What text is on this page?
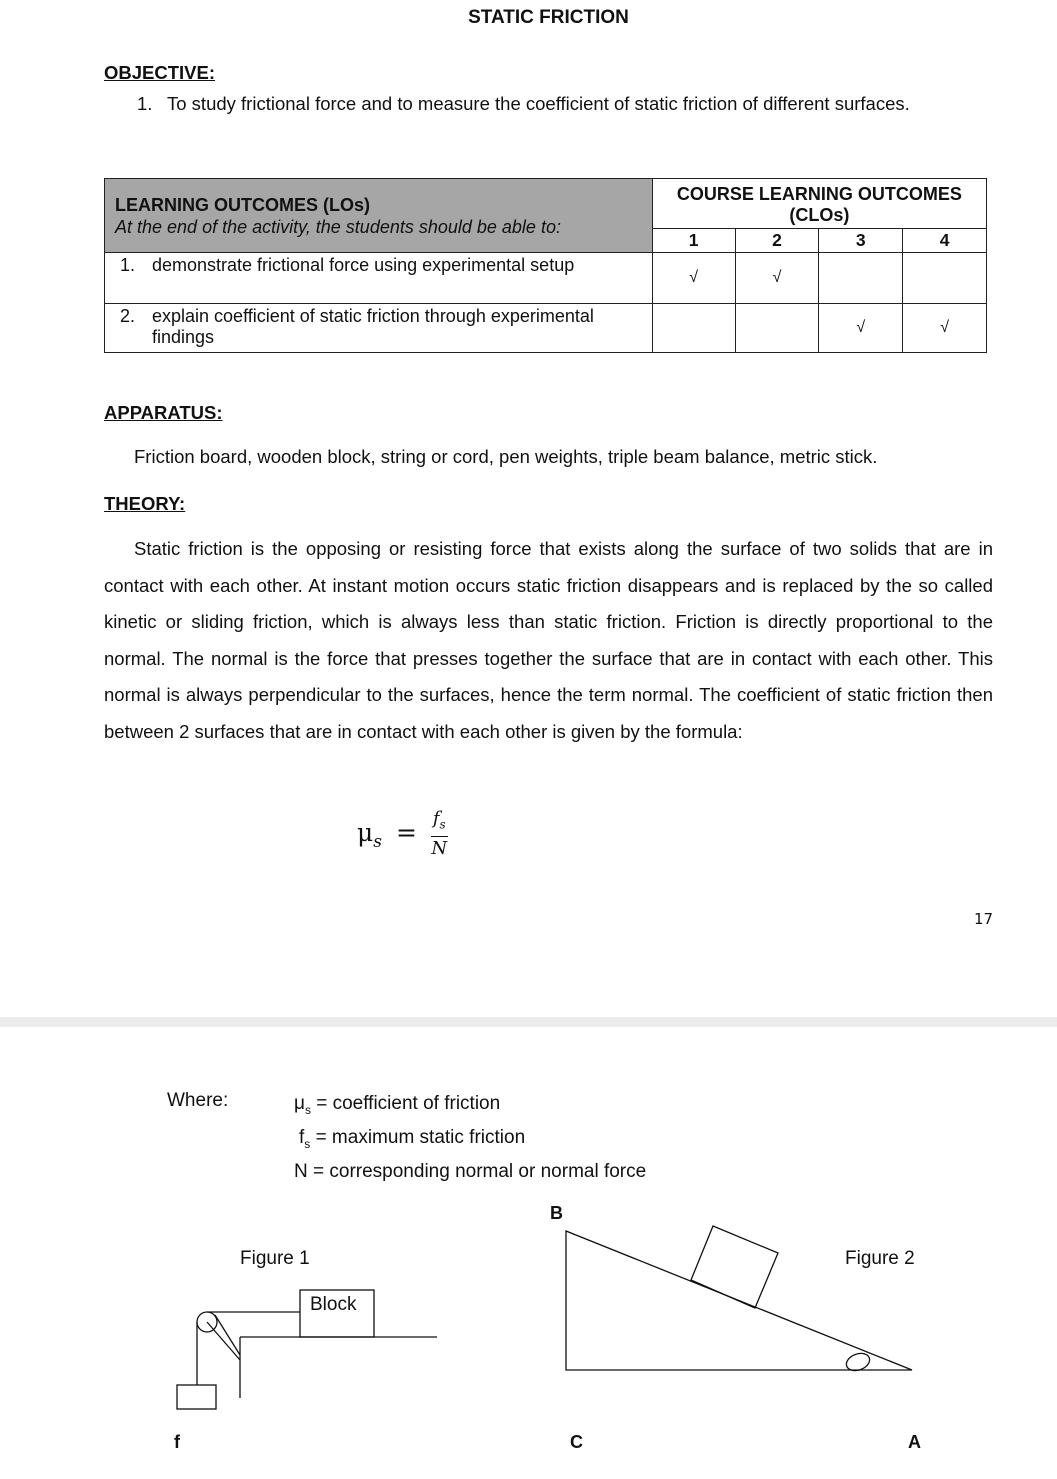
STATIC FRICTION
OBJECTIVE:
1. To study frictional force and to measure the coefficient of static friction of different surfaces.
LEARNING OUTCOMES (LOs)
At the end of the activity, the students should be able to:	COURSE LEARNING OUTCOMES (CLOs)			
	1	2	3	4
1. demonstrate frictional force using experimental setup	√	√		
2. explain coefficient of static friction through experimental findings			√	√
APPARATUS:
Friction board, wooden block, string or cord, pen weights, triple beam balance, metric stick.
THEORY:
Static friction is the opposing or resisting force that exists along the surface of two solids that are in contact with each other. At instant motion occurs static friction disappears and is replaced by the so called kinetic or sliding friction, which is always less than static friction. Friction is directly proportional to the normal. The normal is the force that presses together the surface that are in contact with each other. This normal is always perpendicular to the surfaces, hence the term normal. The coefficient of static friction then between 2 surfaces that are in contact with each other is given by the formula:
$\mu_s = \frac{f_s}{N}$
17
Where:	$\mu_s$ = coefficient of friction
$f_s$ = maximum static friction
N = corresponding normal or normal force
Figure 1
Block
f
B
Figure 2
C	A
